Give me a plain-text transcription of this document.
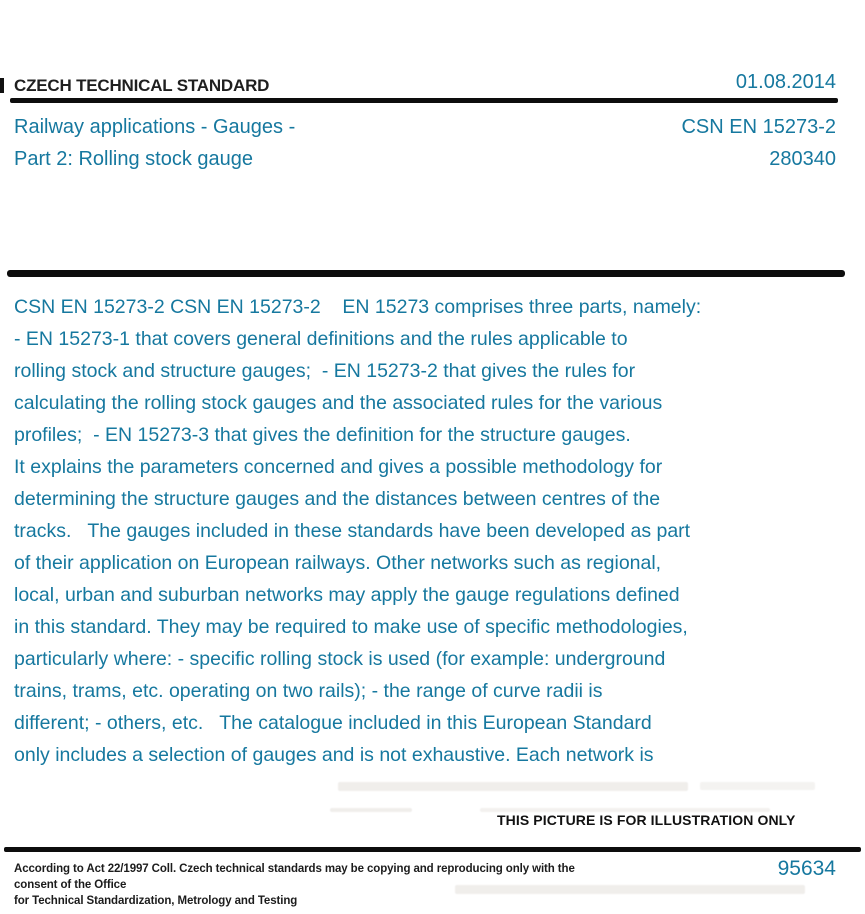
CZECH TECHNICAL STANDARD	01.08.2014
Railway applications - Gauges -
Part 2: Rolling stock gauge
CSN EN 15273-2
280340
CSN EN 15273-2 CSN EN 15273-2    EN 15273 comprises three parts, namely:
- EN 15273-1 that covers general definitions and the rules applicable to
rolling stock and structure gauges;  - EN 15273-2 that gives the rules for
calculating the rolling stock gauges and the associated rules for the various
profiles;  - EN 15273-3 that gives the definition for the structure gauges.
It explains the parameters concerned and gives a possible methodology for
determining the structure gauges and the distances between centres of the
tracks.   The gauges included in these standards have been developed as part
of their application on European railways. Other networks such as regional,
local, urban and suburban networks may apply the gauge regulations defined
in this standard. They may be required to make use of specific methodologies,
particularly where: - specific rolling stock is used (for example: underground
trains, trams, etc. operating on two rails); - the range of curve radii is
different; - others, etc.   The catalogue included in this European Standard
only includes a selection of gauges and is not exhaustive. Each network is
THIS PICTURE IS FOR ILLUSTRATION ONLY
According to Act 22/1997 Coll. Czech technical standards may be copying and reproducing only with the consent of the Office
for Technical Standardization, Metrology and Testing
95634
